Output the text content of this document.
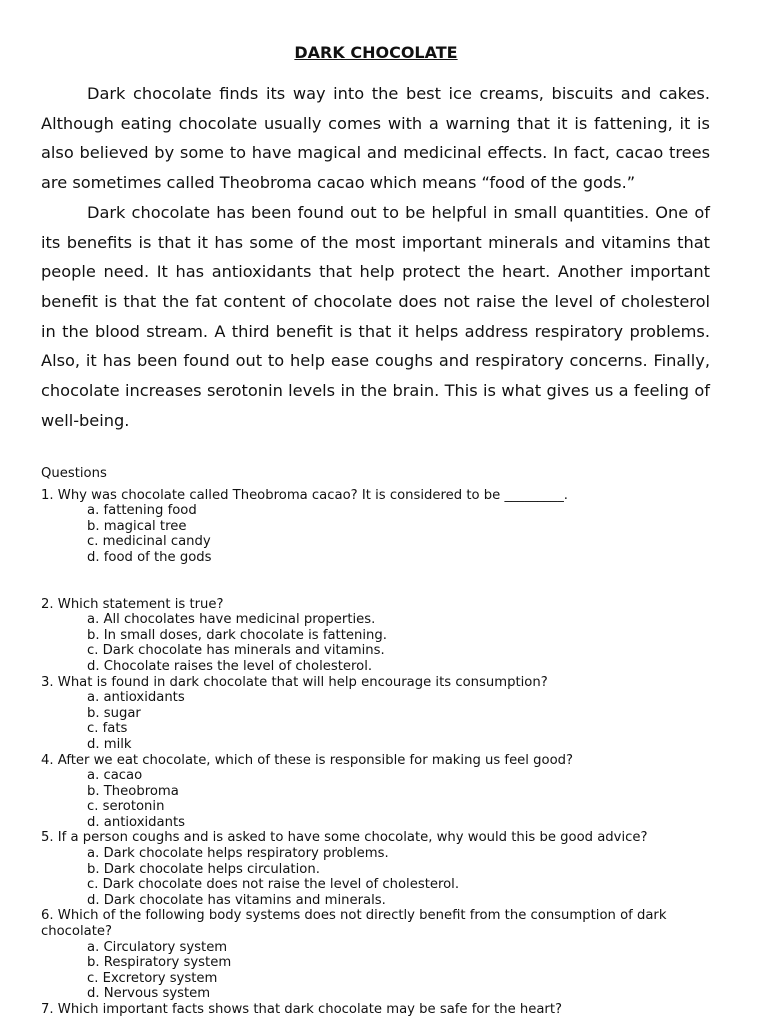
DARK CHOCOLATE

Dark chocolate finds its way into the best ice creams, biscuits and cakes. Although eating chocolate usually comes with a warning that it is fattening, it is also believed by some to have magical and medicinal effects. In fact, cacao trees are sometimes called Theobroma cacao which means “food of the gods.”

Dark chocolate has been found out to be helpful in small quantities. One of its benefits is that it has some of the most important minerals and vitamins that people need. It has antioxidants that help protect the heart. Another important benefit is that the fat content of chocolate does not raise the level of cholesterol in the blood stream. A third benefit is that it helps address respiratory problems. Also, it has been found out to help ease coughs and respiratory concerns. Finally, chocolate increases serotonin levels in the brain. This is what gives us a feeling of well-being.

Questions
1. Why was chocolate called Theobroma cacao? It is considered to be _________.
a. fattening food
b. magical tree
c. medicinal candy
d. food of the gods
2. Which statement is true?
a. All chocolates have medicinal properties.
b. In small doses, dark chocolate is fattening.
c. Dark chocolate has minerals and vitamins.
d. Chocolate raises the level of cholesterol.
3. What is found in dark chocolate that will help encourage its consumption?
a. antioxidants
b. sugar
c. fats
d. milk
4. After we eat chocolate, which of these is responsible for making us feel good?
a. cacao
b. Theobroma
c. serotonin
d. antioxidants
5. If a person coughs and is asked to have some chocolate, why would this be good advice?
a. Dark chocolate helps respiratory problems.
b. Dark chocolate helps circulation.
c. Dark chocolate does not raise the level of cholesterol.
d. Dark chocolate has vitamins and minerals.
6. Which of the following body systems does not directly benefit from the consumption of dark chocolate?
a. Circulatory system
b. Respiratory system
c. Excretory system
d. Nervous system
7. Which important facts shows that dark chocolate may be safe for the heart?
